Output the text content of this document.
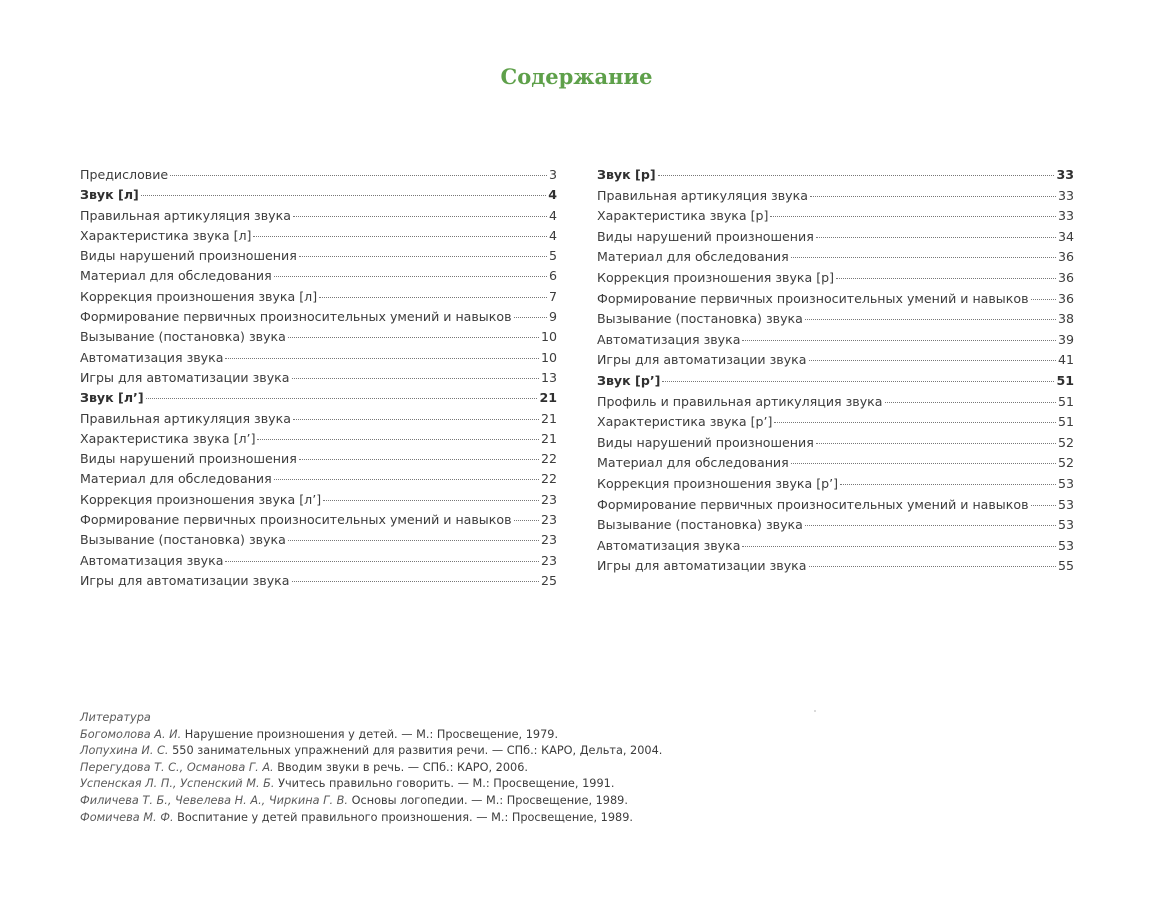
Содержание
Предисловие	3
Звук [л]	4
Правильная артикуляция звука	4
Характеристика звука [л]	4
Виды нарушений произношения	5
Материал для обследования	6
Коррекция произношения звука [л]	7
Формирование первичных произносительных умений и навыков	9
Вызывание (постановка) звука	10
Автоматизация звука	10
Игры для автоматизации звука	13
Звук [л’]	21
Правильная артикуляция звука	21
Характеристика звука [л’]	21
Виды нарушений произношения	22
Материал для обследования	22
Коррекция произношения звука [л’]	23
Формирование первичных произносительных умений и навыков 23
Вызывание (постановка) звука	23
Автоматизация звука	23
Игры для автоматизации звука	25
Звук [р]	33
Правильная артикуляция звука	33
Характеристика звука [р]	33
Виды нарушений произношения	34
Материал для обследования	36
Коррекция произношения звука [р]	36
Формирование первичных произносительных умений и навыков 36
Вызывание (постановка) звука	38
Автоматизация звука	39
Игры для автоматизации звука	41
Звук [р’]	51
Профиль и правильная артикуляция звука	51
Характеристика звука [р’]	51
Виды нарушений произношения	52
Материал для обследования	52
Коррекция произношения звука [р’]	53
Формирование первичных произносительных умений и навыков 53
Вызывание (постановка) звука	53
Автоматизация звука	53
Игры для автоматизации звука	55
Литература
Богомолова А. И. Нарушение произношения у детей. — М.: Просвещение, 1979.
Лопухина И. С. 550 занимательных упражнений для развития речи. — СПб.: КАРО, Дельта, 2004.
Перегудова Т. С., Османова Г. А. Вводим звуки в речь. — СПб.: КАРО, 2006.
Успенская Л. П., Успенский М. Б. Учитесь правильно говорить. — М.: Просвещение, 1991.
Филичева Т. Б., Чевелева Н. А., Чиркина Г. В. Основы логопедии. — М.: Просвещение, 1989.
Фомичева М. Ф. Воспитание у детей правильного произношения. — М.: Просвещение, 1989.
